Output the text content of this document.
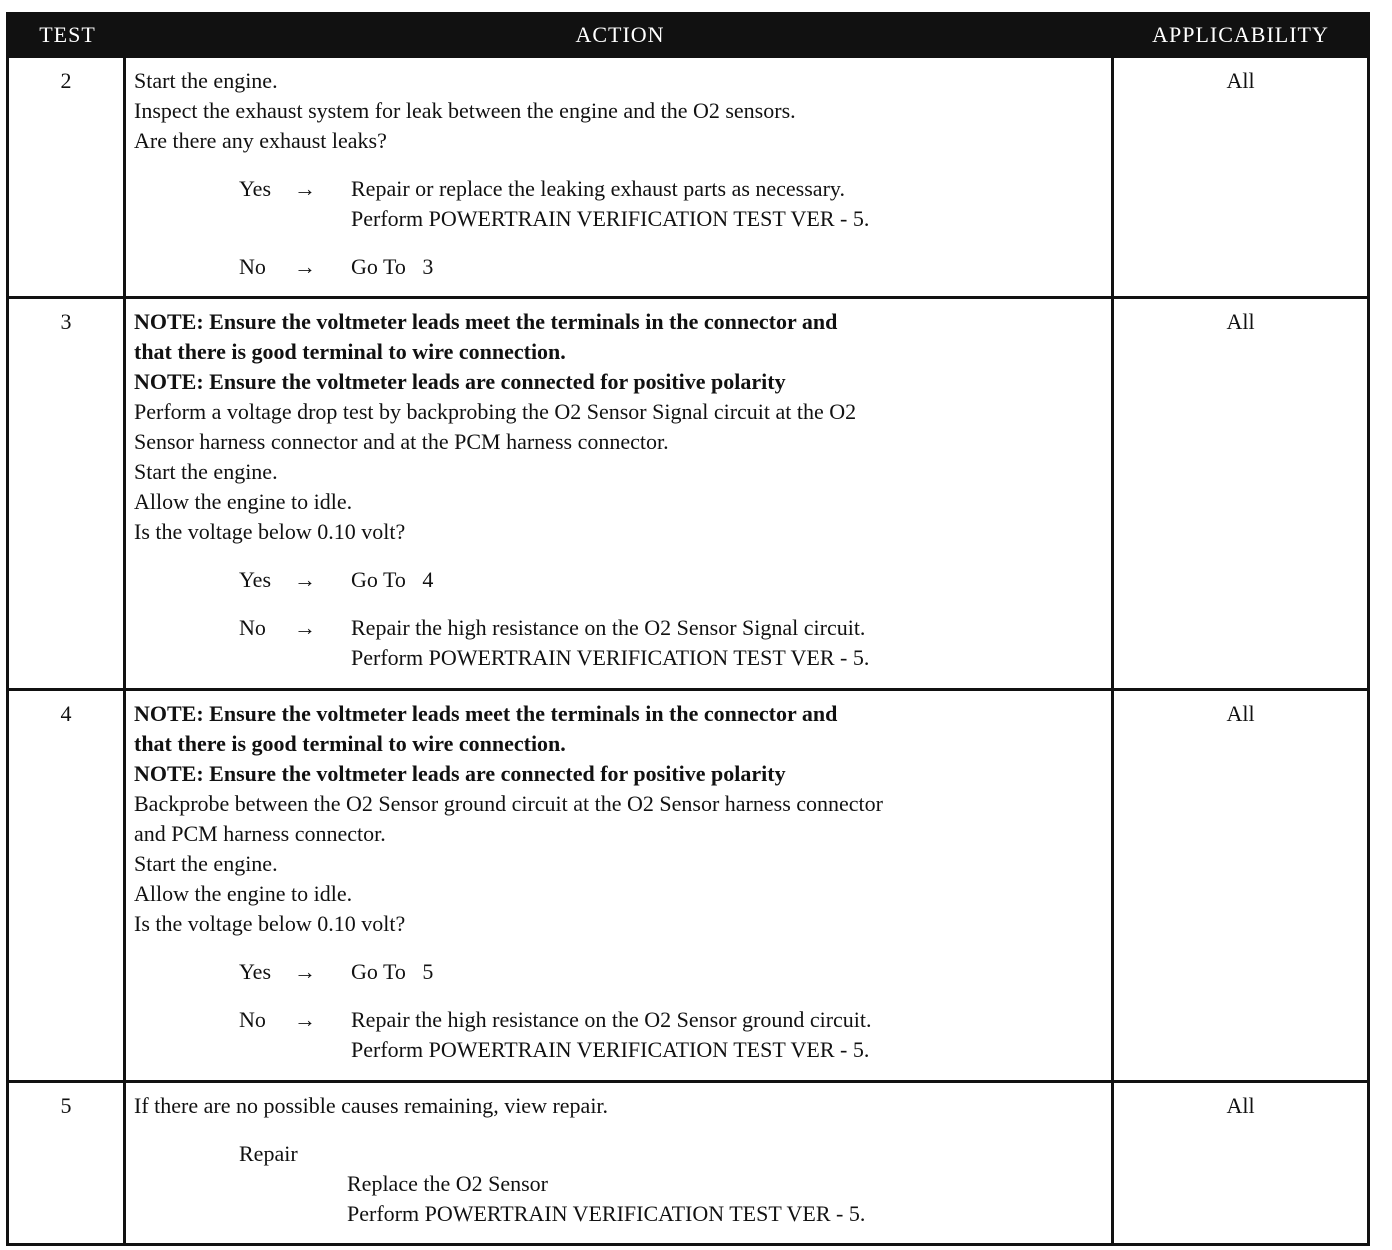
TEST	ACTION	APPLICABILITY
2	Start the engine.
Inspect the exhaust system for leak between the engine and the O2 sensors.
Are there any exhaust leaks?
Yes	→	Repair or replace the leaking exhaust parts as necessary.
Perform POWERTRAIN VERIFICATION TEST VER - 5.
No	→	Go To   3
All
3	NOTE: Ensure the voltmeter leads meet the terminals in the connector and
that there is good terminal to wire connection.
NOTE: Ensure the voltmeter leads are connected for positive polarity
Perform a voltage drop test by backprobing the O2 Sensor Signal circuit at the O2
Sensor harness connector and at the PCM harness connector.
Start the engine.
Allow the engine to idle.
Is the voltage below 0.10 volt?
Yes	→	Go To   4
No	→	Repair the high resistance on the O2 Sensor Signal circuit.
Perform POWERTRAIN VERIFICATION TEST VER - 5.
All
4	NOTE: Ensure the voltmeter leads meet the terminals in the connector and
that there is good terminal to wire connection.
NOTE: Ensure the voltmeter leads are connected for positive polarity
Backprobe between the O2 Sensor ground circuit at the O2 Sensor harness connector
and PCM harness connector.
Start the engine.
Allow the engine to idle.
Is the voltage below 0.10 volt?
Yes	→	Go To   5
No	→	Repair the high resistance on the O2 Sensor ground circuit.
Perform POWERTRAIN VERIFICATION TEST VER - 5.
All
5	If there are no possible causes remaining, view repair.
Repair
Replace the O2 Sensor
Perform POWERTRAIN VERIFICATION TEST VER - 5.
All
